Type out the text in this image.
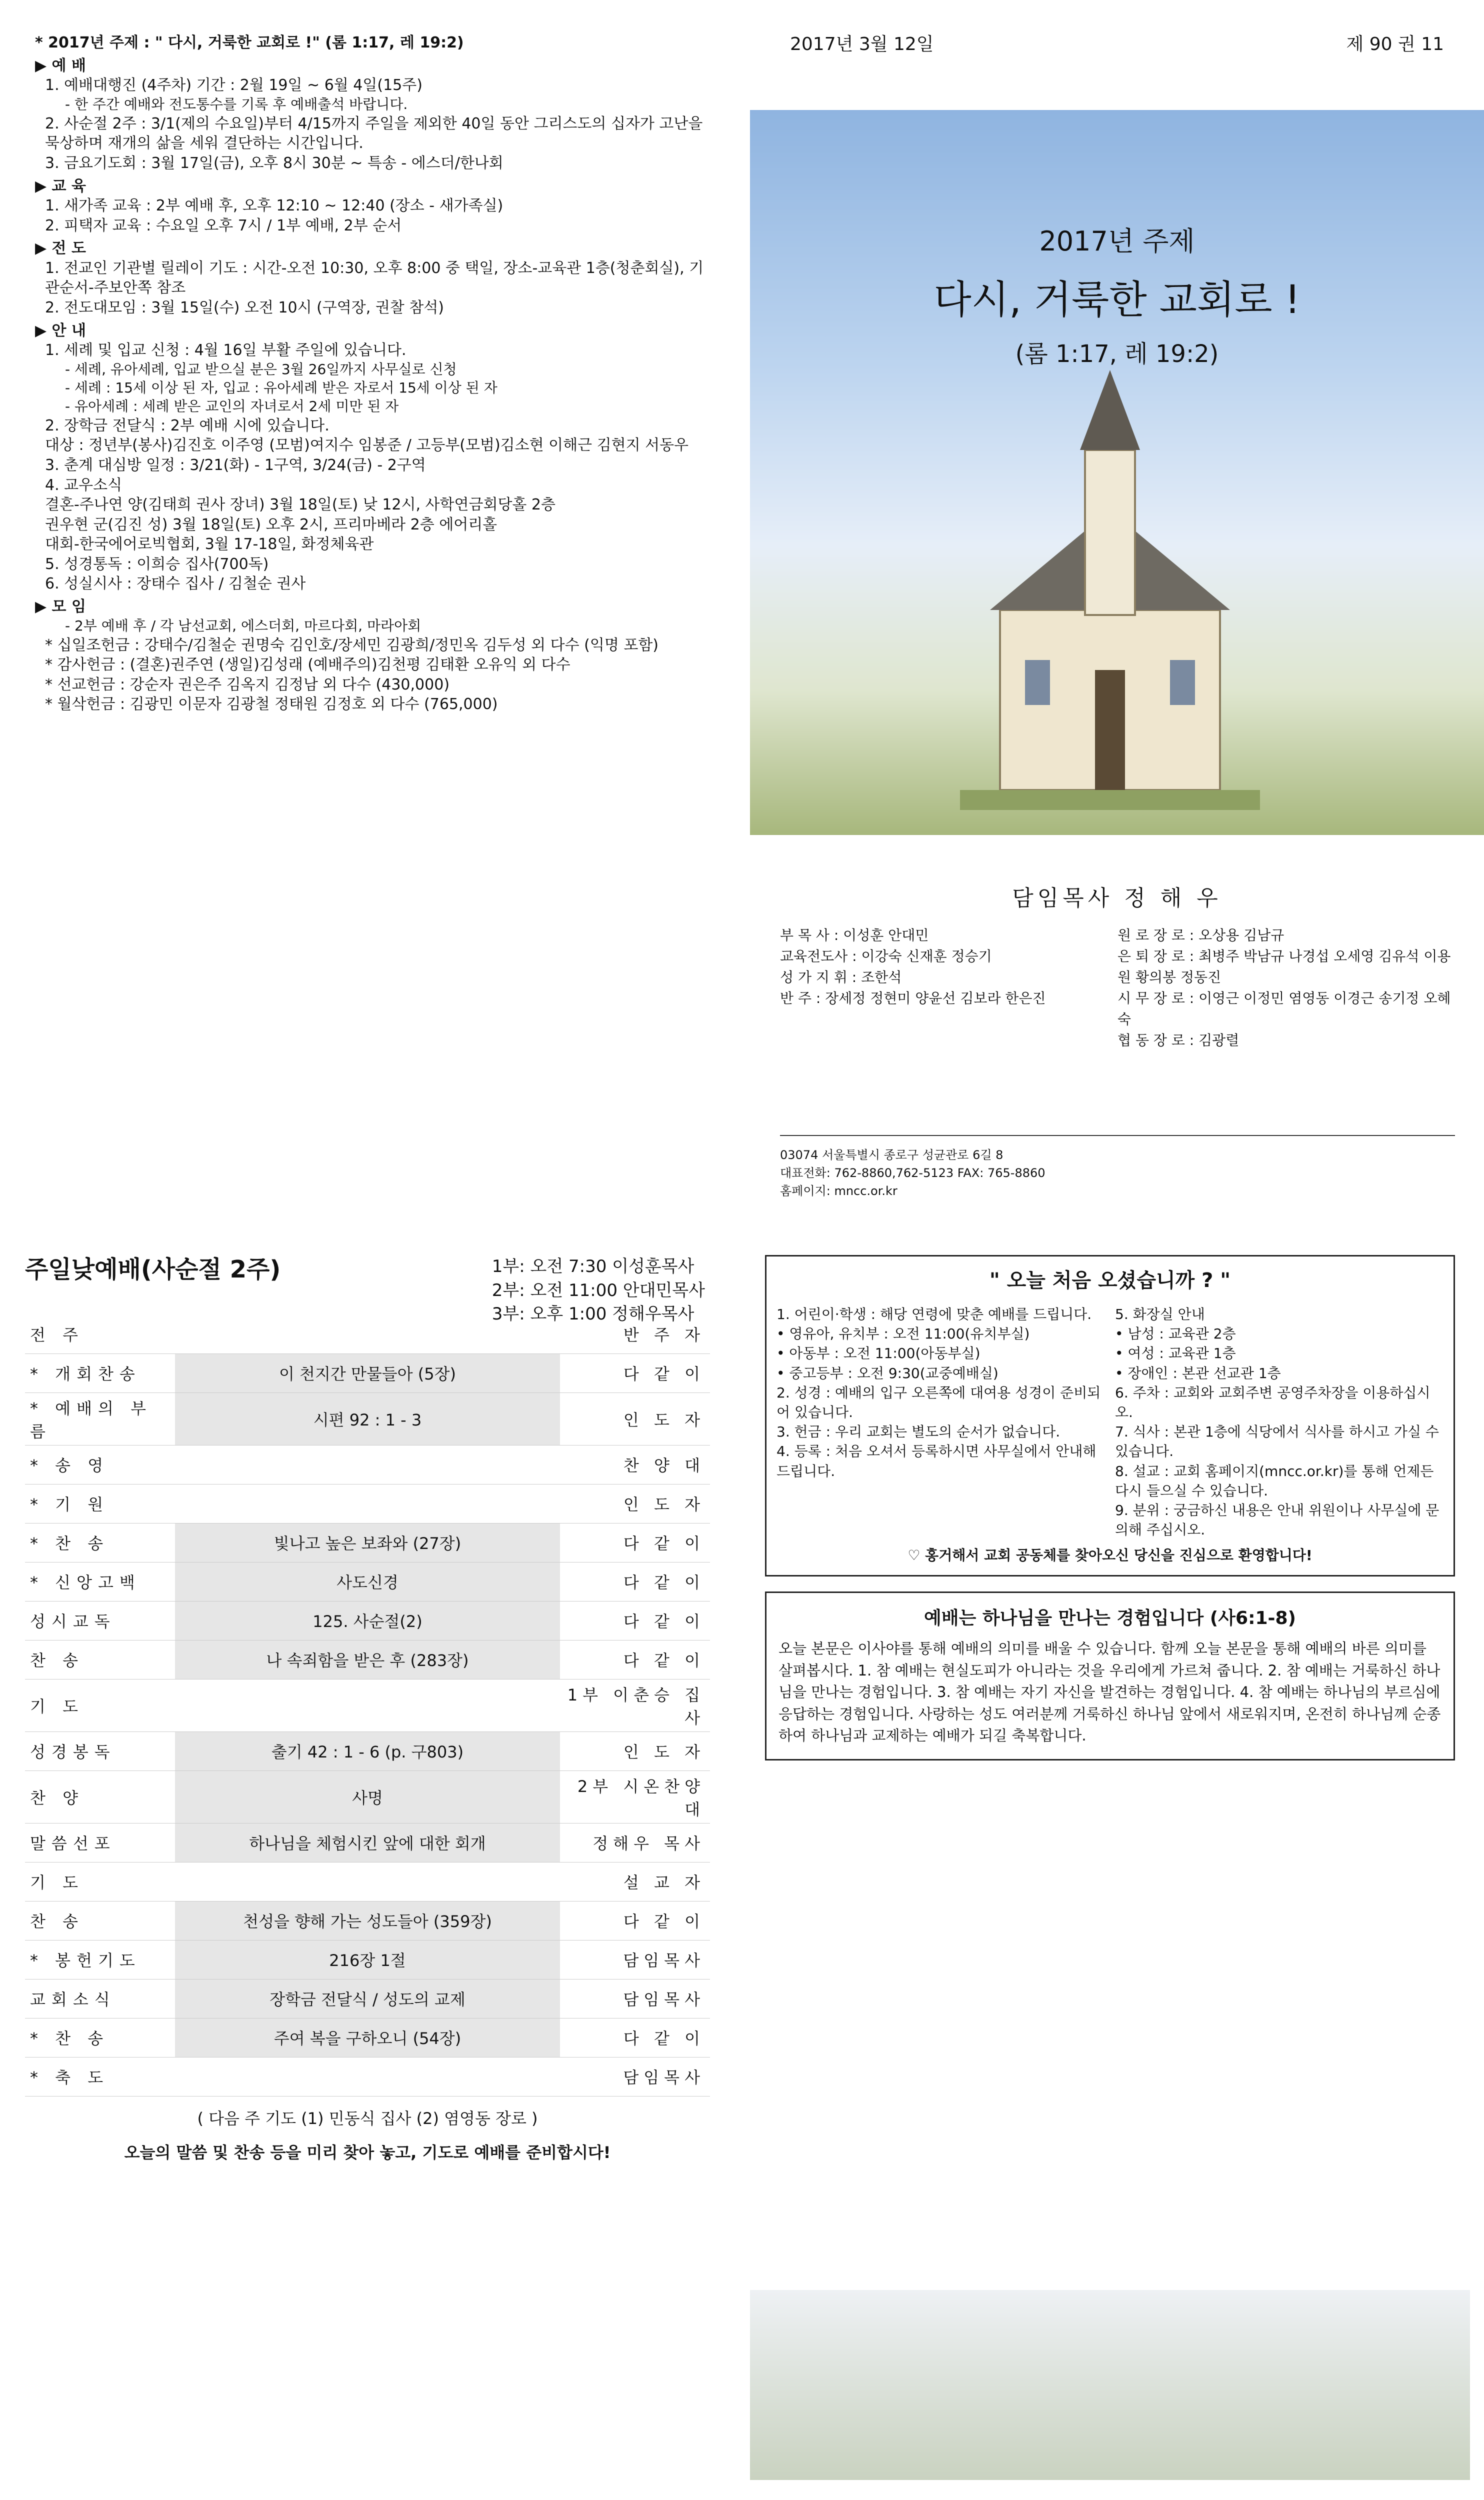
* 2017년 주제 : " 다시, 거룩한 교회로 !" (롬 1:17, 레 19:2)
▶ 예 배
1. 예배대행진 (4주차) 기간 : 2월 19일 ~ 6월 4일(15주)
- 한 주간 예배와 전도통수를 기록 후 예배출석 바랍니다.
2. 사순절 2주 : 3/1(제의 수요일)부터 4/15까지 주일을 제외한 40일 동안 그리스도의 십자가 고난을 묵상하며 재개의 삶을 세워 결단하는 시간입니다.
3. 금요기도회 : 3월 17일(금), 오후 8시 30분 ~ 특송 - 에스더/한나회
▶ 교 육
1. 새가족 교육 : 2부 예배 후, 오후 12:10 ~ 12:40 (장소 - 새가족실)
2. 피택자 교육 : 수요일 오후 7시 / 1부 예배, 2부 순서
▶ 전 도
1. 전교인 기관별 릴레이 기도 : 시간-오전 10:30, 오후 8:00 중 택일, 장소-교육관 1층(청춘회실), 기관순서-주보안쪽 참조
2. 전도대모임 : 3월 15일(수) 오전 10시 (구역장, 권찰 참석)
▶ 안 내
1. 세례 및 입교 신청 : 4월 16일 부활 주일에 있습니다.
- 세례, 유아세례, 입교 받으실 분은 3월 26일까지 사무실로 신청
- 세례 : 15세 이상 된 자, 입교 : 유아세례 받은 자로서 15세 이상 된 자
- 유아세례 : 세례 받은 교인의 자녀로서 2세 미만 된 자
2. 장학금 전달식 : 2부 예배 시에 있습니다.
대상 : 정년부(봉사)김진호 이주영 (모범)여지수 임봉준 / 고등부(모범)김소현 이해근 김현지 서동우
3. 춘계 대심방 일정 : 3/21(화) - 1구역, 3/24(금) - 2구역
4. 교우소식
결혼-주나연 양(김태희 권사 장녀) 3월 18일(토) 낮 12시, 사학연금회당홀 2층
권우현 군(김진 성) 3월 18일(토) 오후 2시, 프리마베라 2층 에어리홀
대회-한국에어로빅협회, 3월 17-18일, 화정체육관
5. 성경통독 : 이희승 집사(700독)
6. 성실시사 : 장태수 집사 / 김철순 권사
▶ 모 임
- 2부 예배 후 / 각 남선교회, 에스더회, 마르다회, 마라아회
* 십일조헌금 : 강태수/김철순 권명숙 김인호/장세민 김광희/정민옥 김두성 외 다수 (익명 포함)
* 감사헌금 : (결혼)권주연 (생일)김성래 (예배주의)김천평 김태환 오유익 외 다수
* 선교헌금 : 강순자 권은주 김옥지 김정남 외 다수 (430,000)
* 월삭헌금 : 김광민 이문자 김광철 정태원 김정호 외 다수 (765,000)
2017년 3월 12일	제 90 권 11
2017년 주제
다시, 거룩한 교회로 !
(롬 1:17, 레 19:2)
담임목사 정 해 우
부 목 사 : 이성훈 안대민
교육전도사 : 이강숙 신재훈 정승기
성 가 지 휘 : 조한석
반 주 : 장세정 정현미 양윤선 김보라 한은진
원 로 장 로 : 오상용 김남규
은 퇴 장 로 : 최병주 박남규 나경섭 오세영 김유석 이용원 황의봉 정동진
시 무 장 로 : 이영근 이정민 염영동 이경근 송기정 오혜숙
협 동 장 로 : 김광렬
03074 서울특별시 종로구 성균관로 6길 8
대표전화: 762-8860,762-5123 FAX: 765-8860
홈페이지: mncc.or.kr
주일낮예배(사순절 2주)	1부: 오전 7:30 이성훈목사
2부: 오전 11:00 안대민목사
3부: 오후 1:00 정해우목사
전 주		반 주 자
* 개회찬송	이 천지간 만물들아 (5장)	다 같 이
* 예배의 부름	시편 92 : 1 - 3	인 도 자
* 송 영		찬 양 대
* 기 원		인 도 자
* 찬 송	빛나고 높은 보좌와 (27장)	다 같 이
* 신앙고백	사도신경	다 같 이
성시교독	125. 사순절(2)	다 같 이
찬 송	나 속죄함을 받은 후 (283장)	다 같 이
기 도		1부 이춘승 집사
성경봉독	출기 42 : 1 - 6 (p. 구803)	인 도 자
찬 양	사명	2부 시온찬양대
말씀선포	하나님을 체험시킨 앞에 대한 회개	정해우 목사
기 도		설 교 자
찬 송	천성을 향해 가는 성도들아 (359장)	다 같 이
* 봉헌기도	216장 1절	담임목사
교회소식	장학금 전달식 / 성도의 교제	담임목사
* 찬 송	주여 복을 구하오니 (54장)	다 같 이
* 축 도		담임목사
( 다음 주 기도 (1) 민동식 집사 (2) 염영동 장로 )
오늘의 말씀 및 찬송 등을 미리 찾아 놓고, 기도로 예배를 준비합시다!
" 오늘 처음 오셨습니까 ? "
1. 어린이·학생 : 해당 연령에 맞춘 예배를 드립니다.
• 영유아, 유치부 : 오전 11:00(유치부실)
• 아동부 : 오전 11:00(아동부실)
• 중고등부 : 오전 9:30(교중예배실)
2. 성경 : 예배의 입구 오른쪽에 대여용 성경이 준비되어 있습니다.
3. 헌금 : 우리 교회는 별도의 순서가 없습니다.
4. 등록 : 처음 오셔서 등록하시면 사무실에서 안내해 드립니다.
5. 화장실 안내
• 남성 : 교육관 2층
• 여성 : 교육관 1층
• 장애인 : 본관 선교관 1층
6. 주차 : 교회와 교회주변 공영주차장을 이용하십시오.
7. 식사 : 본관 1층에 식당에서 식사를 하시고 가실 수 있습니다.
8. 설교 : 교회 홈페이지(mncc.or.kr)를 통해 언제든 다시 들으실 수 있습니다.
9. 분위 : 궁금하신 내용은 안내 위원이나 사무실에 문의해 주십시오.
♡ 홍거해서 교회 공동체를 찾아오신 당신을 진심으로 환영합니다!
예배는 하나님을 만나는 경험입니다 (사6:1-8)
오늘 본문은 이사야를 통해 예배의 의미를 배울 수 있습니다. 함께 오늘 본문을 통해 예배의 바른 의미를 살펴봅시다. 1. 참 예배는 현실도피가 아니라는 것을 우리에게 가르쳐 줍니다. 2. 참 예배는 거룩하신 하나님을 만나는 경험입니다. 3. 참 예배는 자기 자신을 발견하는 경험입니다. 4. 참 예배는 하나님의 부르심에 응답하는 경험입니다. 사랑하는 성도 여러분께 거룩하신 하나님 앞에서 새로워지며, 온전히 하나님께 순종하여 하나님과 교제하는 예배가 되길 축복합니다.
